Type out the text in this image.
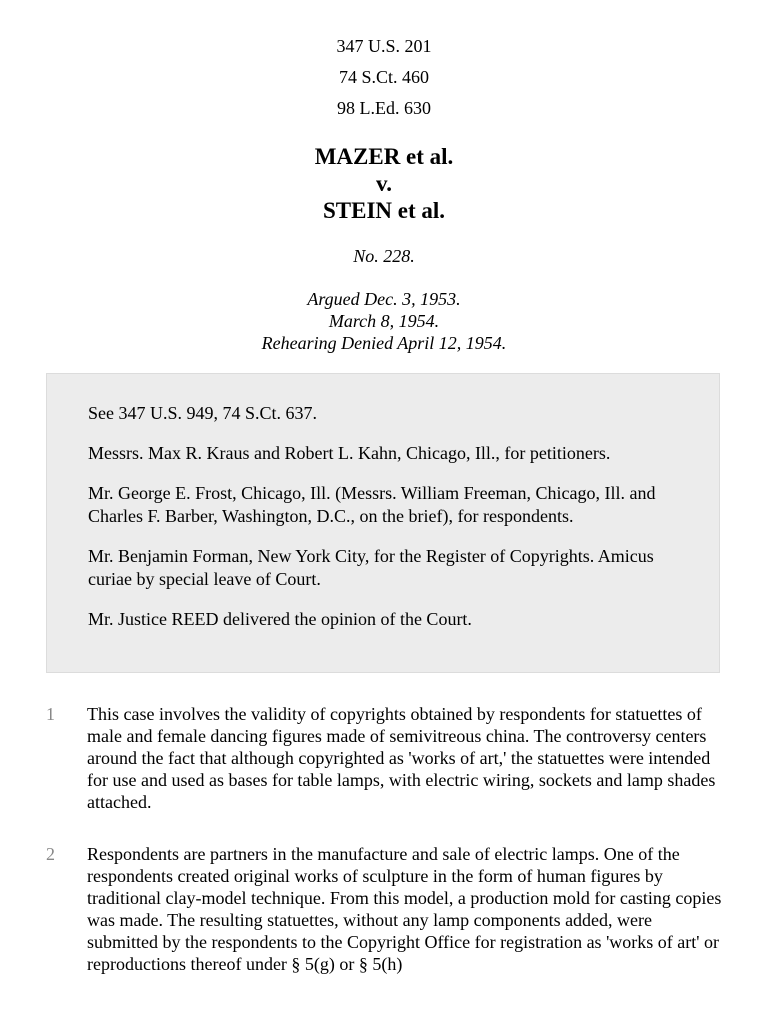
347 U.S. 201
74 S.Ct. 460
98 L.Ed. 630
MAZER et al.
v.
STEIN et al.
No. 228.
Argued Dec. 3, 1953.
March 8, 1954.
Rehearing Denied April 12, 1954.

See 347 U.S. 949, 74 S.Ct. 637.

Messrs. Max R. Kraus and Robert L. Kahn, Chicago, Ill., for petitioners.

Mr. George E. Frost, Chicago, Ill. (Messrs. William Freeman, Chicago, Ill. and Charles F. Barber, Washington, D.C., on the brief), for respondents.

Mr. Benjamin Forman, New York City, for the Register of Copyrights. Amicus curiae by special leave of Court.

Mr. Justice REED delivered the opinion of the Court.

1 This case involves the validity of copyrights obtained by respondents for statuettes of male and female dancing figures made of semivitreous china. The controversy centers around the fact that although copyrighted as 'works of art,' the statuettes were intended for use and used as bases for table lamps, with electric wiring, sockets and lamp shades attached.
2 Respondents are partners in the manufacture and sale of electric lamps. One of the respondents created original works of sculpture in the form of human figures by traditional clay-model technique. From this model, a production mold for casting copies was made. The resulting statuettes, without any lamp components added, were submitted by the respondents to the Copyright Office for registration as 'works of art' or reproductions thereof under § 5(g) or § 5(h)
